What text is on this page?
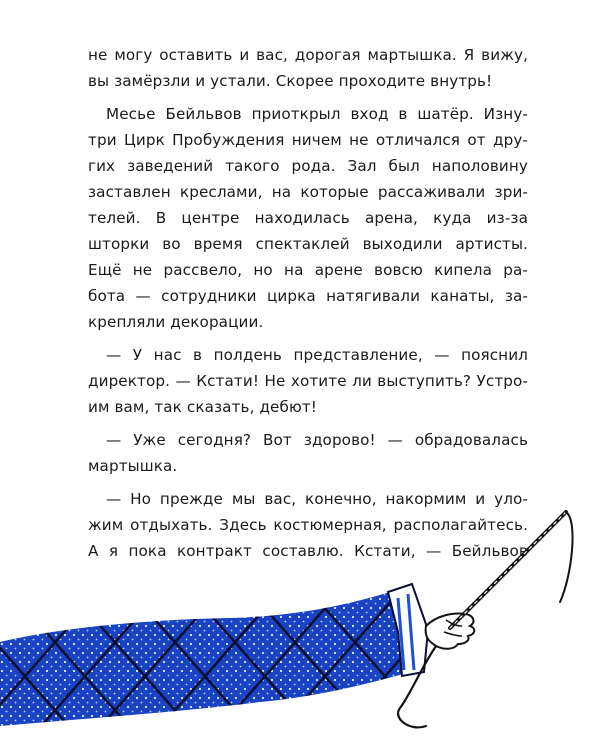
не могу оставить и вас, дорогая мартышка. Я вижу,
вы замёрзли и устали. Скорее проходите внутрь!
Месье Бейльвов приоткрыл вход в шатёр. Изну-
три Цирк Пробуждения ничем не отличался от дру-
гих заведений такого рода. Зал был наполовину
заставлен креслами, на которые рассаживали зри-
телей. В центре находилась арена, куда из-за
шторки во время спектаклей выходили артисты.
Ещё не рассвело, но на арене вовсю кипела ра-
бота — сотрудники цирка натягивали канаты, за-
крепляли декорации.
— У нас в полдень представление, — пояснил
директор. — Кстати! Не хотите ли выступить? Устро-
им вам, так сказать, дебют!
— Уже сегодня? Вот здорово! — обрадовалась
мартышка.
— Но прежде мы вас, конечно, накормим и уло-
жим отдыхать. Здесь костюмерная, располагайтесь.
А я пока контракт составлю. Кстати, — Бейльвов
